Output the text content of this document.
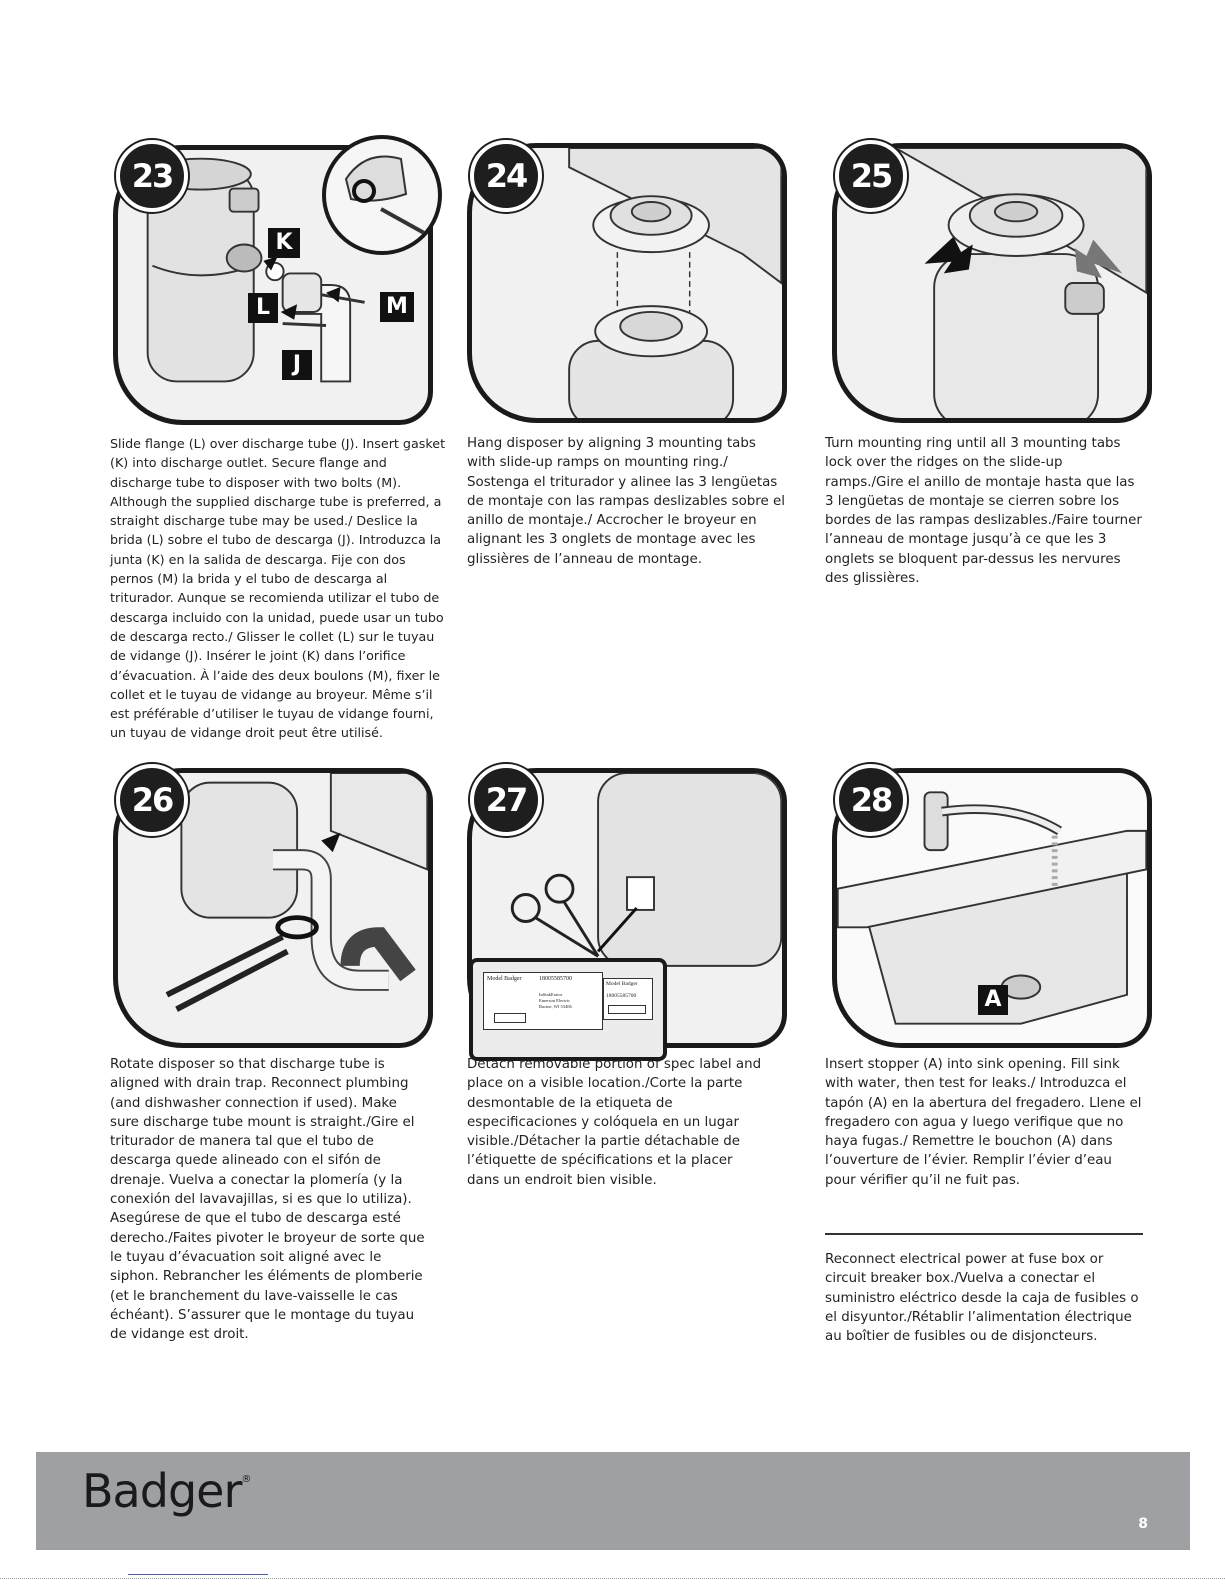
23
K
L	M
J
Slide flange (L) over discharge tube (J). Insert gasket (K) into discharge outlet. Secure flange and discharge tube to disposer with two bolts (M). Although the supplied discharge tube is preferred, a straight discharge tube may be used./ Deslice la brida (L) sobre el tubo de descarga (J). Introduzca la junta (K) en la salida de descarga. Fije con dos pernos (M) la brida y el tubo de descarga al triturador. Aunque se recomienda utilizar el tubo de descarga incluido con la unidad, puede usar un tubo de descarga recto./ Glisser le collet (L) sur le tuyau de vidange (J). Insérer le joint (K) dans l’orifice d’évacuation. À l’aide des deux boulons (M), fixer le collet et le tuyau de vidange au broyeur. Même s’il est préférable d’utiliser le tuyau de vidange fourni, un tuyau de vidange droit peut être utilisé.
24
Hang disposer by aligning 3 mounting tabs with slide-up ramps on mounting ring./ Sostenga el triturador y alinee las 3 lengüetas de montaje con las rampas deslizables sobre el anillo de montaje./ Accrocher le broyeur en alignant les 3 onglets de montage avec les glissières de l’anneau de montage.
25
Turn mounting ring until all 3 mounting tabs lock over the ridges on the slide-up ramps./Gire el anillo de montaje hasta que las 3 lengüetas de montaje se cierren sobre los bordes de las rampas deslizables./Faire tourner l’anneau de montage jusqu’à ce que les 3 onglets se bloquent par-dessus les nervures des glissières.
26
Rotate disposer so that discharge tube is aligned with drain trap. Reconnect plumbing (and dishwasher connection if used). Make sure discharge tube mount is straight./Gire el triturador de manera tal que el tubo de descarga quede alineado con el sifón de drenaje. Vuelva a conectar la plomería (y la conexión del lavavajillas, si es que lo utiliza). Asegúrese de que el tubo de descarga esté derecho./Faites pivoter le broyeur de sorte que le tuyau d’évacuation soit aligné avec le siphon. Rebrancher les éléments de plomberie (et le branchement du lave-vaisselle le cas échéant). S’assurer que le montage du tuyau de vidange est droit.
27
Model Badger	18005585700
InSinkErator
Emerson Electric
Racine, WI 53406
Model Badger
18005585700
Detach removable portion of spec label and place on a visible location./Corte la parte desmontable de la etiqueta de especificaciones y colóquela en un lugar visible./Détacher la partie détachable de l’étiquette de spécifications et la placer dans un endroit bien visible.
28
A
Insert stopper (A) into sink opening. Fill sink with water, then test for leaks./ Introduzca el tapón (A) en la abertura del fregadero. Llene el fregadero con agua y luego verifique que no haya fugas./ Remettre le bouchon (A) dans l’ouverture de l’évier. Remplir l’évier d’eau pour vérifier qu’il ne fuit pas.
Reconnect electrical power at fuse box or circuit breaker box./Vuelva a conectar el suministro eléctrico desde la caja de fusibles o el disyuntor./Rétablir l’alimentation électrique au boîtier de fusibles ou de disjoncteurs.
Badger®
8
